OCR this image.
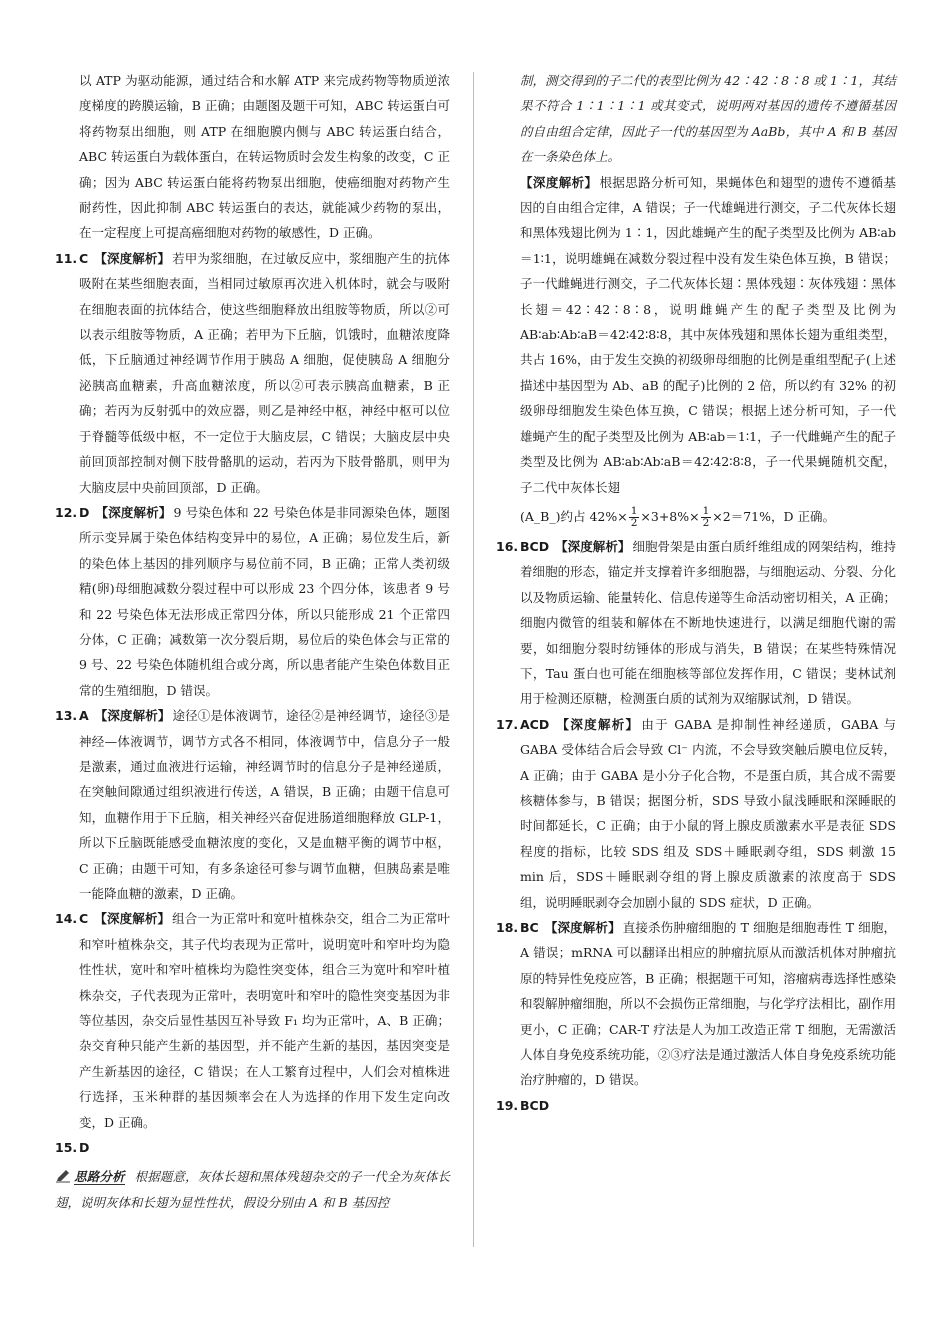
以 ATP 为驱动能源，通过结合和水解 ATP 来完成药物等物质逆浓度梯度的跨膜运输，B 正确；由题图及题干可知，ABC 转运蛋白可将药物泵出细胞，则 ATP 在细胞膜内侧与 ABC 转运蛋白结合，ABC 转运蛋白为载体蛋白，在转运物质时会发生构象的改变，C 正确；因为 ABC 转运蛋白能将药物泵出细胞，使癌细胞对药物产生耐药性，因此抑制 ABC 转运蛋白的表达，就能减少药物的泵出，在一定程度上可提高癌细胞对药物的敏感性，D 正确。

11. C 【深度解析】 若甲为浆细胞，在过敏反应中，浆细胞产生的抗体吸附在某些细胞表面，当相同过敏原再次进入机体时，就会与吸附在细胞表面的抗体结合，使这些细胞释放出组胺等物质，所以②可以表示组胺等物质，A 正确；若甲为下丘脑，饥饿时，血糖浓度降低，下丘脑通过神经调节作用于胰岛 A 细胞，促使胰岛 A 细胞分泌胰高血糖素，升高血糖浓度，所以②可表示胰高血糖素，B 正确；若丙为反射弧中的效应器，则乙是神经中枢，神经中枢可以位于脊髓等低级中枢，不一定位于大脑皮层，C 错误；大脑皮层中央前回顶部控制对侧下肢骨骼肌的运动，若丙为下肢骨骼肌，则甲为大脑皮层中央前回顶部，D 正确。

12. D 【深度解析】 9 号染色体和 22 号染色体是非同源染色体，题图所示变异属于染色体结构变异中的易位，A 正确；易位发生后，新的染色体上基因的排列顺序与易位前不同，B 正确；正常人类初级精(卵)母细胞减数分裂过程中可以形成 23 个四分体，该患者 9 号和 22 号染色体无法形成正常四分体，所以只能形成 21 个正常四分体，C 正确；减数第一次分裂后期，易位后的染色体会与正常的 9 号、22 号染色体随机组合或分离，所以患者能产生染色体数目正常的生殖细胞，D 错误。

13. A 【深度解析】 途径①是体液调节，途径②是神经调节，途径③是神经—体液调节，调节方式各不相同，体液调节中，信息分子一般是激素，通过血液进行运输，神经调节时的信息分子是神经递质，在突触间隙通过组织液进行传送，A 错误，B 正确；由题干信息可知，血糖作用于下丘脑，相关神经兴奋促进肠道细胞释放 GLP-1，所以下丘脑既能感受血糖浓度的变化，又是血糖平衡的调节中枢，C 正确；由题干可知，有多条途径可参与调节血糖，但胰岛素是唯一能降血糖的激素，D 正确。

14. C 【深度解析】 组合一为正常叶和宽叶植株杂交，组合二为正常叶和窄叶植株杂交，其子代均表现为正常叶，说明宽叶和窄叶均为隐性性状，宽叶和窄叶植株均为隐性突变体，组合三为宽叶和窄叶植株杂交，子代表现为正常叶，表明宽叶和窄叶的隐性突变基因为非等位基因，杂交后显性基因互补导致 F₁ 均为正常叶，A、B 正确；杂交育种只能产生新的基因型，并不能产生新的基因，基因突变是产生新基因的途径，C 错误；在人工繁育过程中，人们会对植株进行选择，玉米种群的基因频率会在人为选择的作用下发生定向改变，D 正确。

15. D

思路分析 根据题意，灰体长翅和黑体残翅杂交的子一代全为灰体长翅，说明灰体和长翅为显性性状，假设分别由 A 和 B 基因控

制，测交得到的子二代的表型比例为 42∶42∶8∶8 或 1∶1，其结果不符合 1∶1∶1∶1 或其变式，说明两对基因的遗传不遵循基因的自由组合定律，因此子一代的基因型为 AaBb，其中 A 和 B 基因在一条染色体上。

【深度解析】 根据思路分析可知，果蝇体色和翅型的遗传不遵循基因的自由组合定律，A 错误；子一代雄蝇进行测交，子二代灰体长翅和黑体残翅比例为 1∶1，因此雄蝇产生的配子类型及比例为 AB∶ab＝1∶1，说明雄蝇在减数分裂过程中没有发生染色体互换，B 错误；子一代雌蝇进行测交，子二代灰体长翅∶黑体残翅∶灰体残翅∶黑体长翅＝42∶42∶8∶8，说明雌蝇产生的配子类型及比例为 AB∶ab∶Ab∶aB＝42∶42∶8∶8，其中灰体残翅和黑体长翅为重组类型，共占 16%，由于发生交换的初级卵母细胞的比例是重组型配子(上述描述中基因型为 Ab、aB 的配子)比例的 2 倍，所以约有 32% 的初级卵母细胞发生染色体互换，C 错误；根据上述分析可知，子一代雄蝇产生的配子类型及比例为 AB∶ab＝1∶1，子一代雌蝇产生的配子类型及比例为 AB∶ab∶Ab∶aB＝42∶42∶8∶8，子一代果蝇随机交配，子二代中灰体长翅

(A_B_)约占 $42\%\times \frac{1}{2} \times 3+8\%\times \frac{1}{2} \times 2=71\%$，D 正确。

16. BCD 【深度解析】 细胞骨架是由蛋白质纤维组成的网架结构，维持着细胞的形态，锚定并支撑着许多细胞器，与细胞运动、分裂、分化以及物质运输、能量转化、信息传递等生命活动密切相关，A 正确；细胞内微管的组装和解体在不断地快速进行，以满足细胞代谢的需要，如细胞分裂时纺锤体的形成与消失，B 错误；在某些特殊情况下，Tau 蛋白也可能在细胞核等部位发挥作用，C 错误；斐林试剂用于检测还原糖，检测蛋白质的试剂为双缩脲试剂，D 错误。

17. ACD 【深度解析】 由于 GABA 是抑制性神经递质，GABA 与 GABA 受体结合后会导致 Cl⁻ 内流，不会导致突触后膜电位反转，A 正确；由于 GABA 是小分子化合物，不是蛋白质，其合成不需要核糖体参与，B 错误；据图分析，SDS 导致小鼠浅睡眠和深睡眠的时间都延长，C 正确；由于小鼠的肾上腺皮质激素水平是表征 SDS 程度的指标，比较 SDS 组及 SDS＋睡眠剥夺组，SDS 刺激 15 min 后，SDS＋睡眠剥夺组的肾上腺皮质激素的浓度高于 SDS 组，说明睡眠剥夺会加剧小鼠的 SDS 症状，D 正确。

18. BC 【深度解析】 直接杀伤肿瘤细胞的 T 细胞是细胞毒性 T 细胞，A 错误；mRNA 可以翻译出相应的肿瘤抗原从而激活机体对肿瘤抗原的特异性免疫应答，B 正确；根据题干可知，溶瘤病毒选择性感染和裂解肿瘤细胞，所以不会损伤正常细胞，与化学疗法相比，副作用更小，C 正确；CAR-T 疗法是人为加工改造正常 T 细胞，无需激活人体自身免疫系统功能，②③疗法是通过激活人体自身免疫系统功能治疗肿瘤的，D 错误。

19. BCD
